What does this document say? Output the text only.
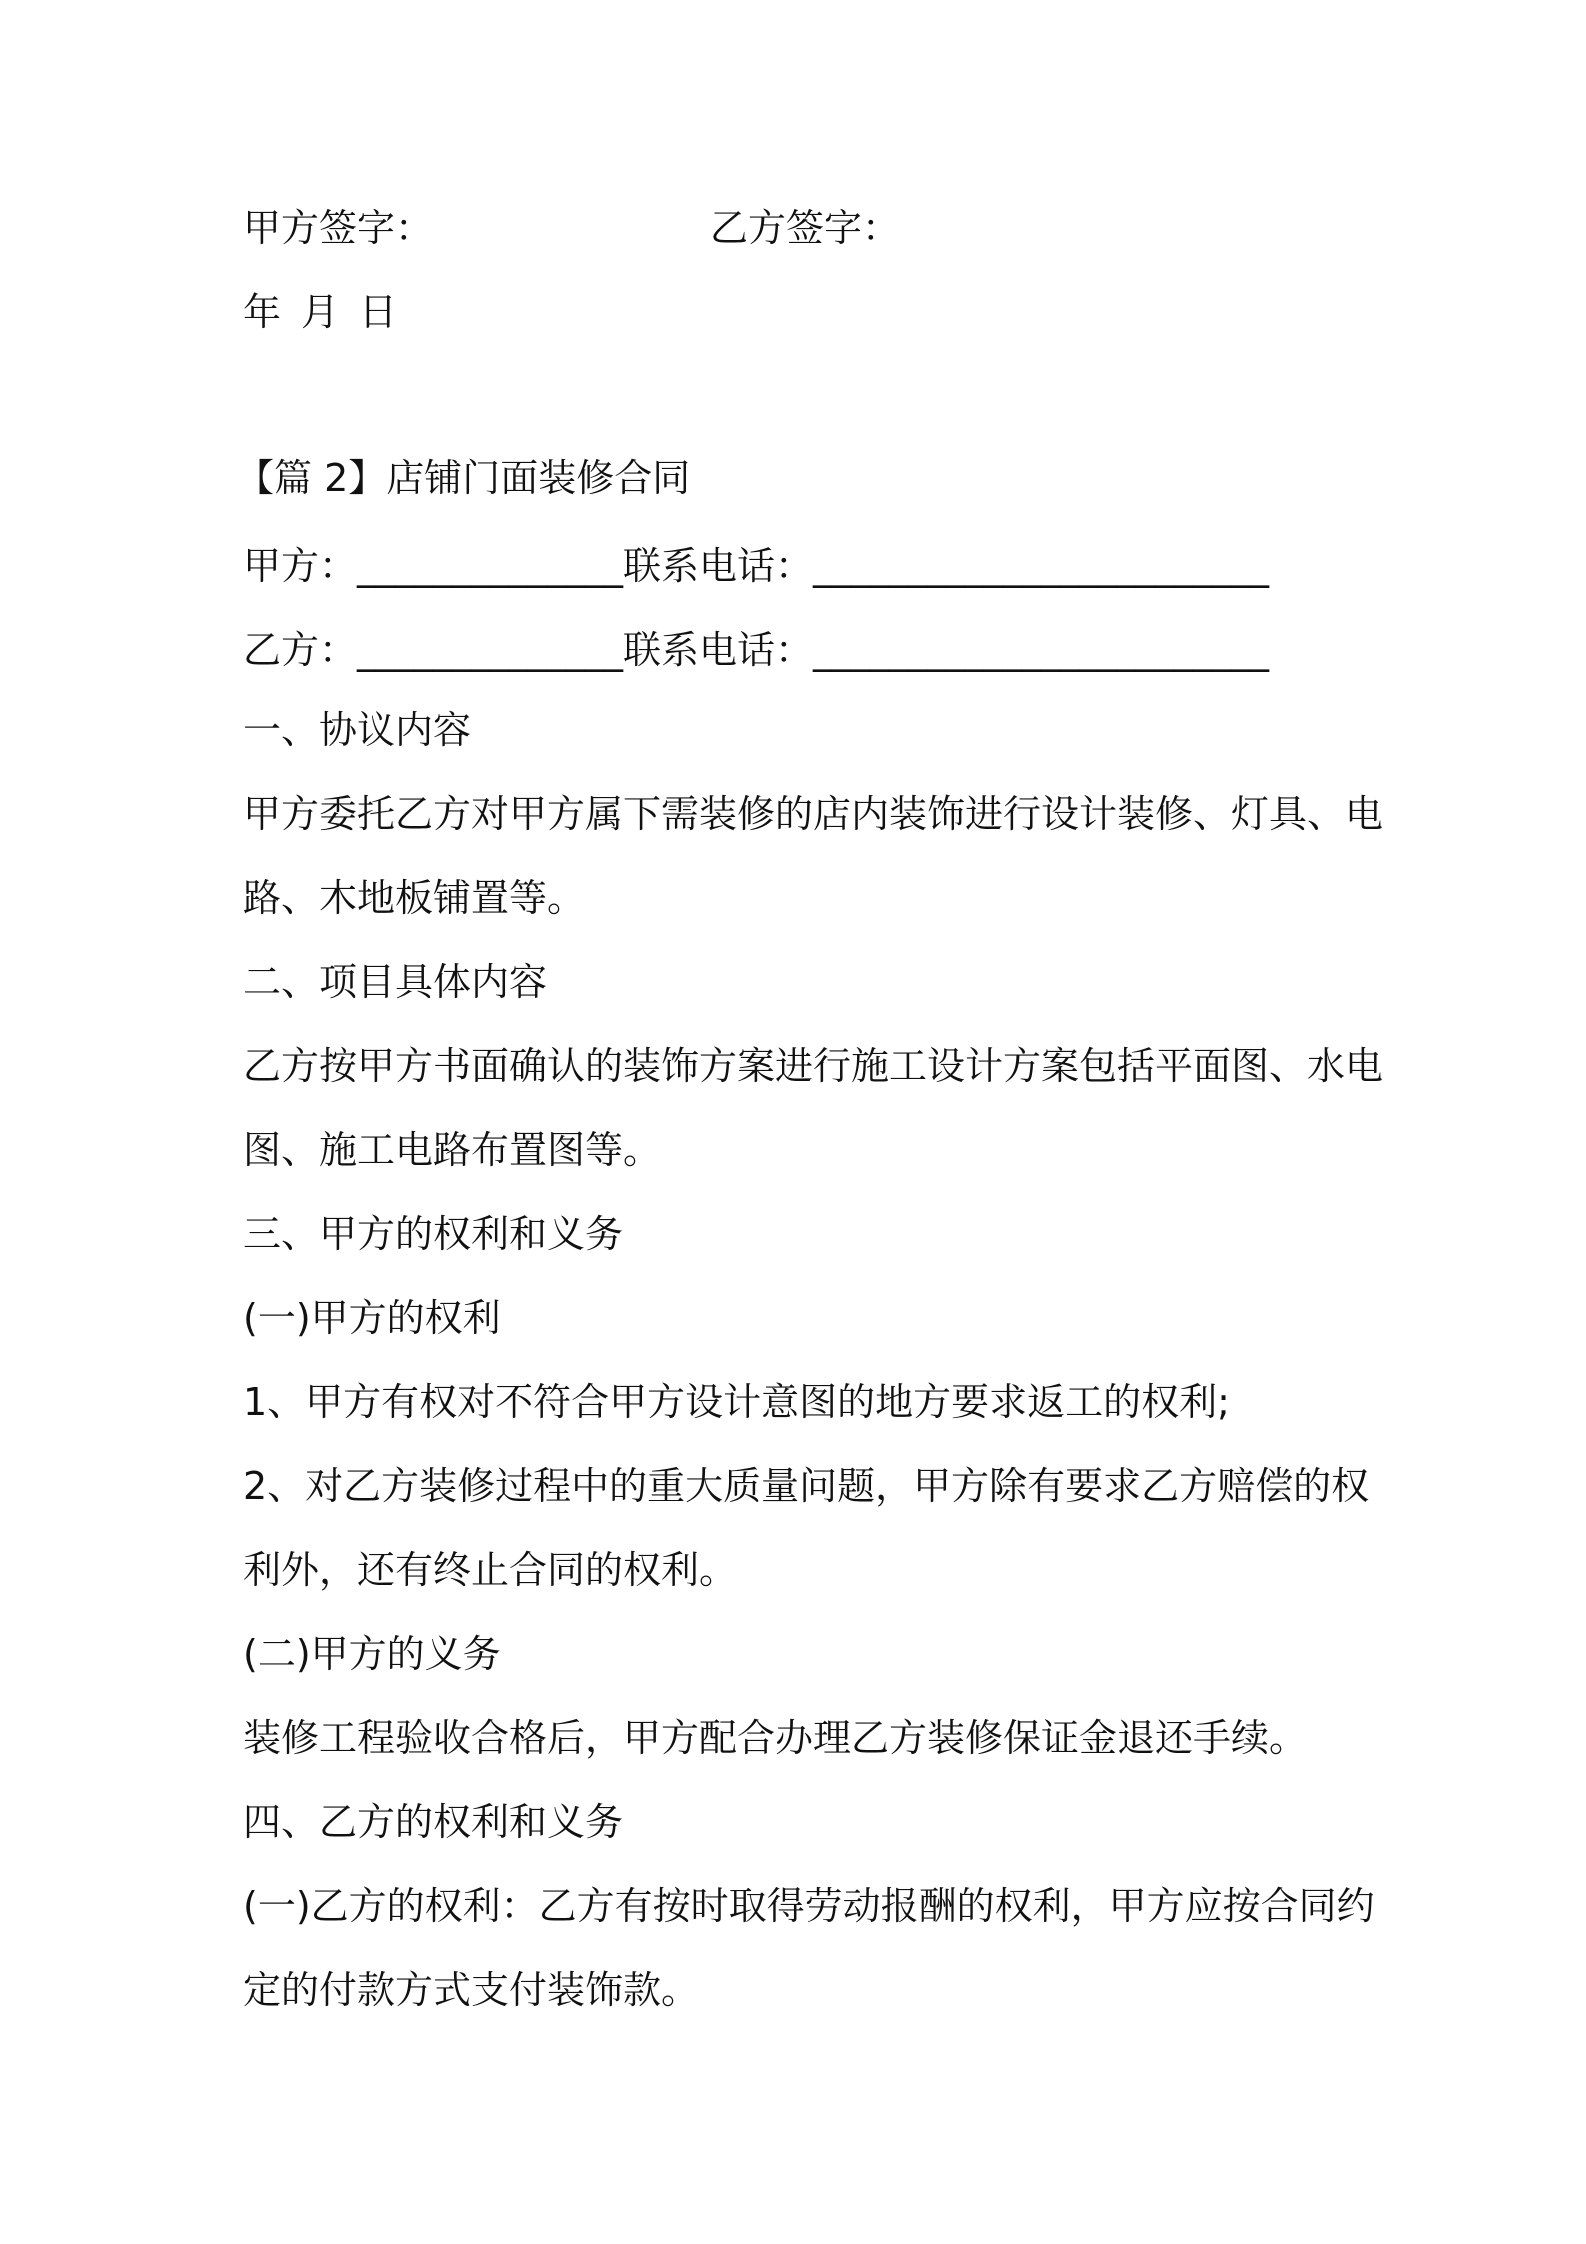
甲方签字：	乙方签字：
年 月 日
【篇 2】店铺门面装修合同
甲方：______________联系电话：________________________
乙方：______________联系电话：________________________
一、协议内容
甲方委托乙方对甲方属下需装修的店内装饰进行设计装修、灯具、电
路、木地板铺置等。
二、项目具体内容
乙方按甲方书面确认的装饰方案进行施工设计方案包括平面图、水电
图、施工电路布置图等。
三、甲方的权利和义务
(一)甲方的权利
1、甲方有权对不符合甲方设计意图的地方要求返工的权利;
2、对乙方装修过程中的重大质量问题，甲方除有要求乙方赔偿的权
利外，还有终止合同的权利。
(二)甲方的义务
装修工程验收合格后，甲方配合办理乙方装修保证金退还手续。
四、乙方的权利和义务
(一)乙方的权利：乙方有按时取得劳动报酬的权利，甲方应按合同约
定的付款方式支付装饰款。
